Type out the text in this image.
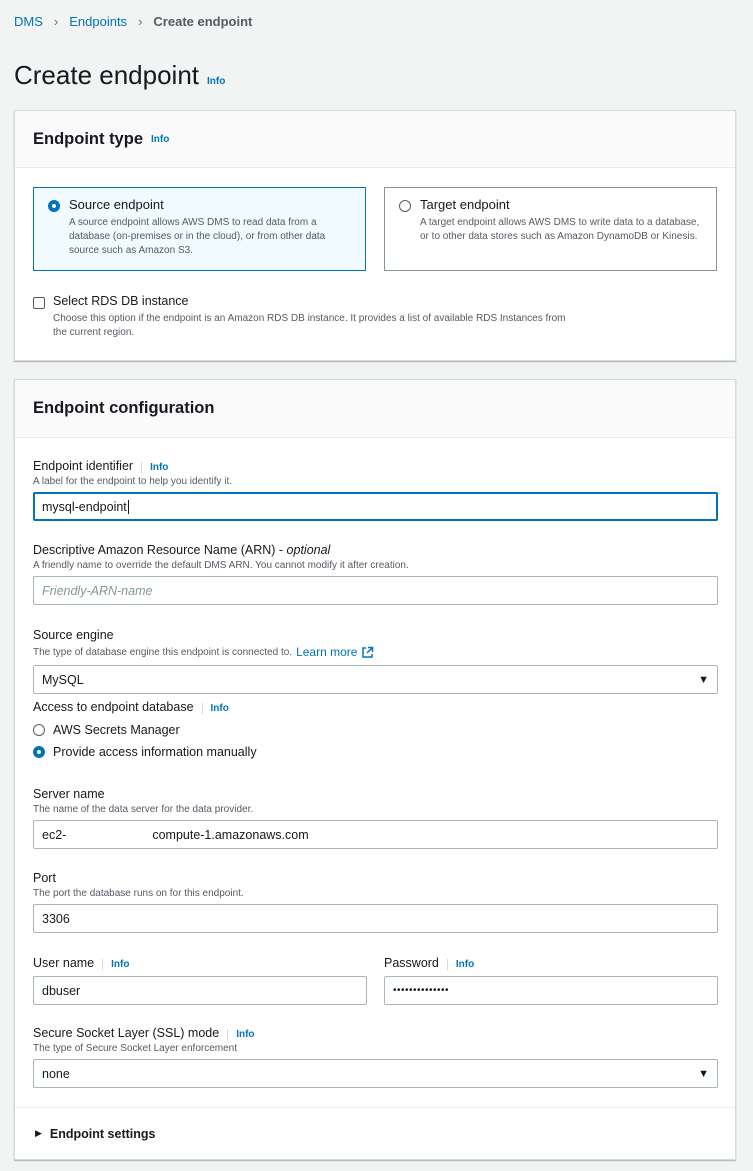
DMS › Endpoints › Create endpoint
Create endpoint Info
Endpoint type Info
Source endpoint
A source endpoint allows AWS DMS to read data from a database (on-premises or in the cloud), or from other data source such as Amazon S3.
Target endpoint
A target endpoint allows AWS DMS to write data to a database, or to other data stores such as Amazon DynamoDB or Kinesis.
Select RDS DB instance
Choose this option if the endpoint is an Amazon RDS DB instance. It provides a list of available RDS Instances from the current region.
Endpoint configuration
Endpoint identifier	Info
A label for the endpoint to help you identify it.
mysql-endpoint
Descriptive Amazon Resource Name (ARN) - optional
A friendly name to override the default DMS ARN. You cannot modify it after creation.
Friendly-ARN-name
Source engine
The type of database engine this endpoint is connected to. Learn more
MySQL	▼
Access to endpoint database	Info
AWS Secrets Manager
Provide access information manually
Server name
The name of the data server for the data provider.
ec2-	compute-1.amazonaws.com
Port
The port the database runs on for this endpoint.
3306
User name	Info
dbuser
Password	Info
••••••••••••••
Secure Socket Layer (SSL) mode	Info
The type of Secure Socket Layer enforcement
none	▼
▶ Endpoint settings
